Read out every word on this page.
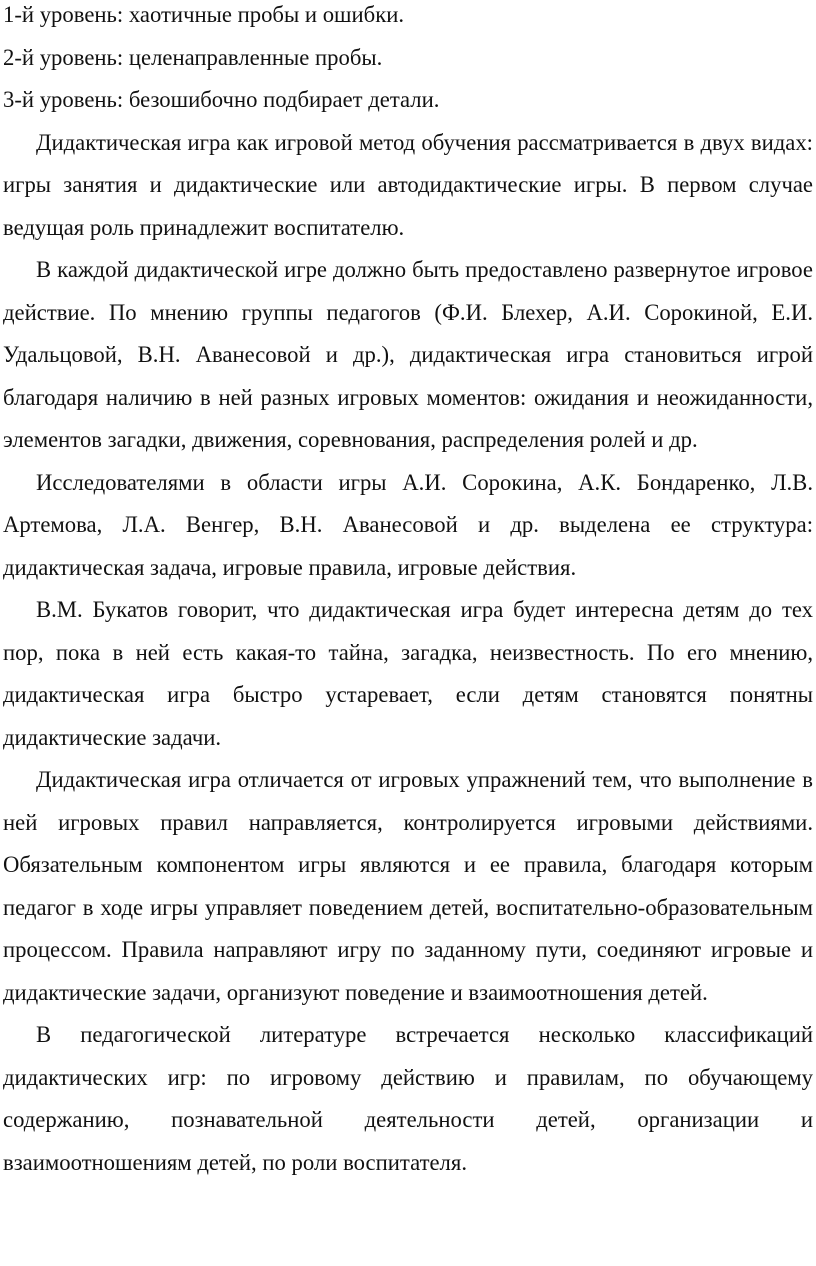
1-й уровень: хаотичные пробы и ошибки.

2-й уровень: целенаправленные пробы.

3-й уровень: безошибочно подбирает детали.

Дидактическая игра как игровой метод обучения рассматривается в двух видах: игры занятия и дидактические или автодидактические игры. В первом случае ведущая роль принадлежит воспитателю.

В каждой дидактической игре должно быть предоставлено развернутое игровое действие. По мнению группы педагогов (Ф.И. Блехер, А.И. Сорокиной, Е.И. Удальцовой, В.Н. Аванесовой и др.), дидактическая игра становиться игрой благодаря наличию в ней разных игровых моментов: ожидания и неожиданности, элементов загадки, движения, соревнования, распределения ролей и др.

Исследователями в области игры А.И. Сорокина, А.К. Бондаренко, Л.В. Артемова, Л.А. Венгер, В.Н. Аванесовой и др. выделена ее структура: дидактическая задача, игровые правила, игровые действия.

В.М. Букатов говорит, что дидактическая игра будет интересна детям до тех пор, пока в ней есть какая-то тайна, загадка, неизвестность. По его мнению, дидактическая игра быстро устаревает, если детям становятся понятны дидактические задачи.

Дидактическая игра отличается от игровых упражнений тем, что выполнение в ней игровых правил направляется, контролируется игровыми действиями. Обязательным компонентом игры являются и ее правила, благодаря которым педагог в ходе игры управляет поведением детей, воспитательно-образовательным процессом. Правила направляют игру по заданному пути, соединяют игровые и дидактические задачи, организуют поведение и взаимоотношения детей.

В педагогической литературе встречается несколько классификаций дидактических игр: по игровому действию и правилам, по обучающему содержанию, познавательной деятельности детей, организации и взаимоотношениям детей, по роли воспитателя.
